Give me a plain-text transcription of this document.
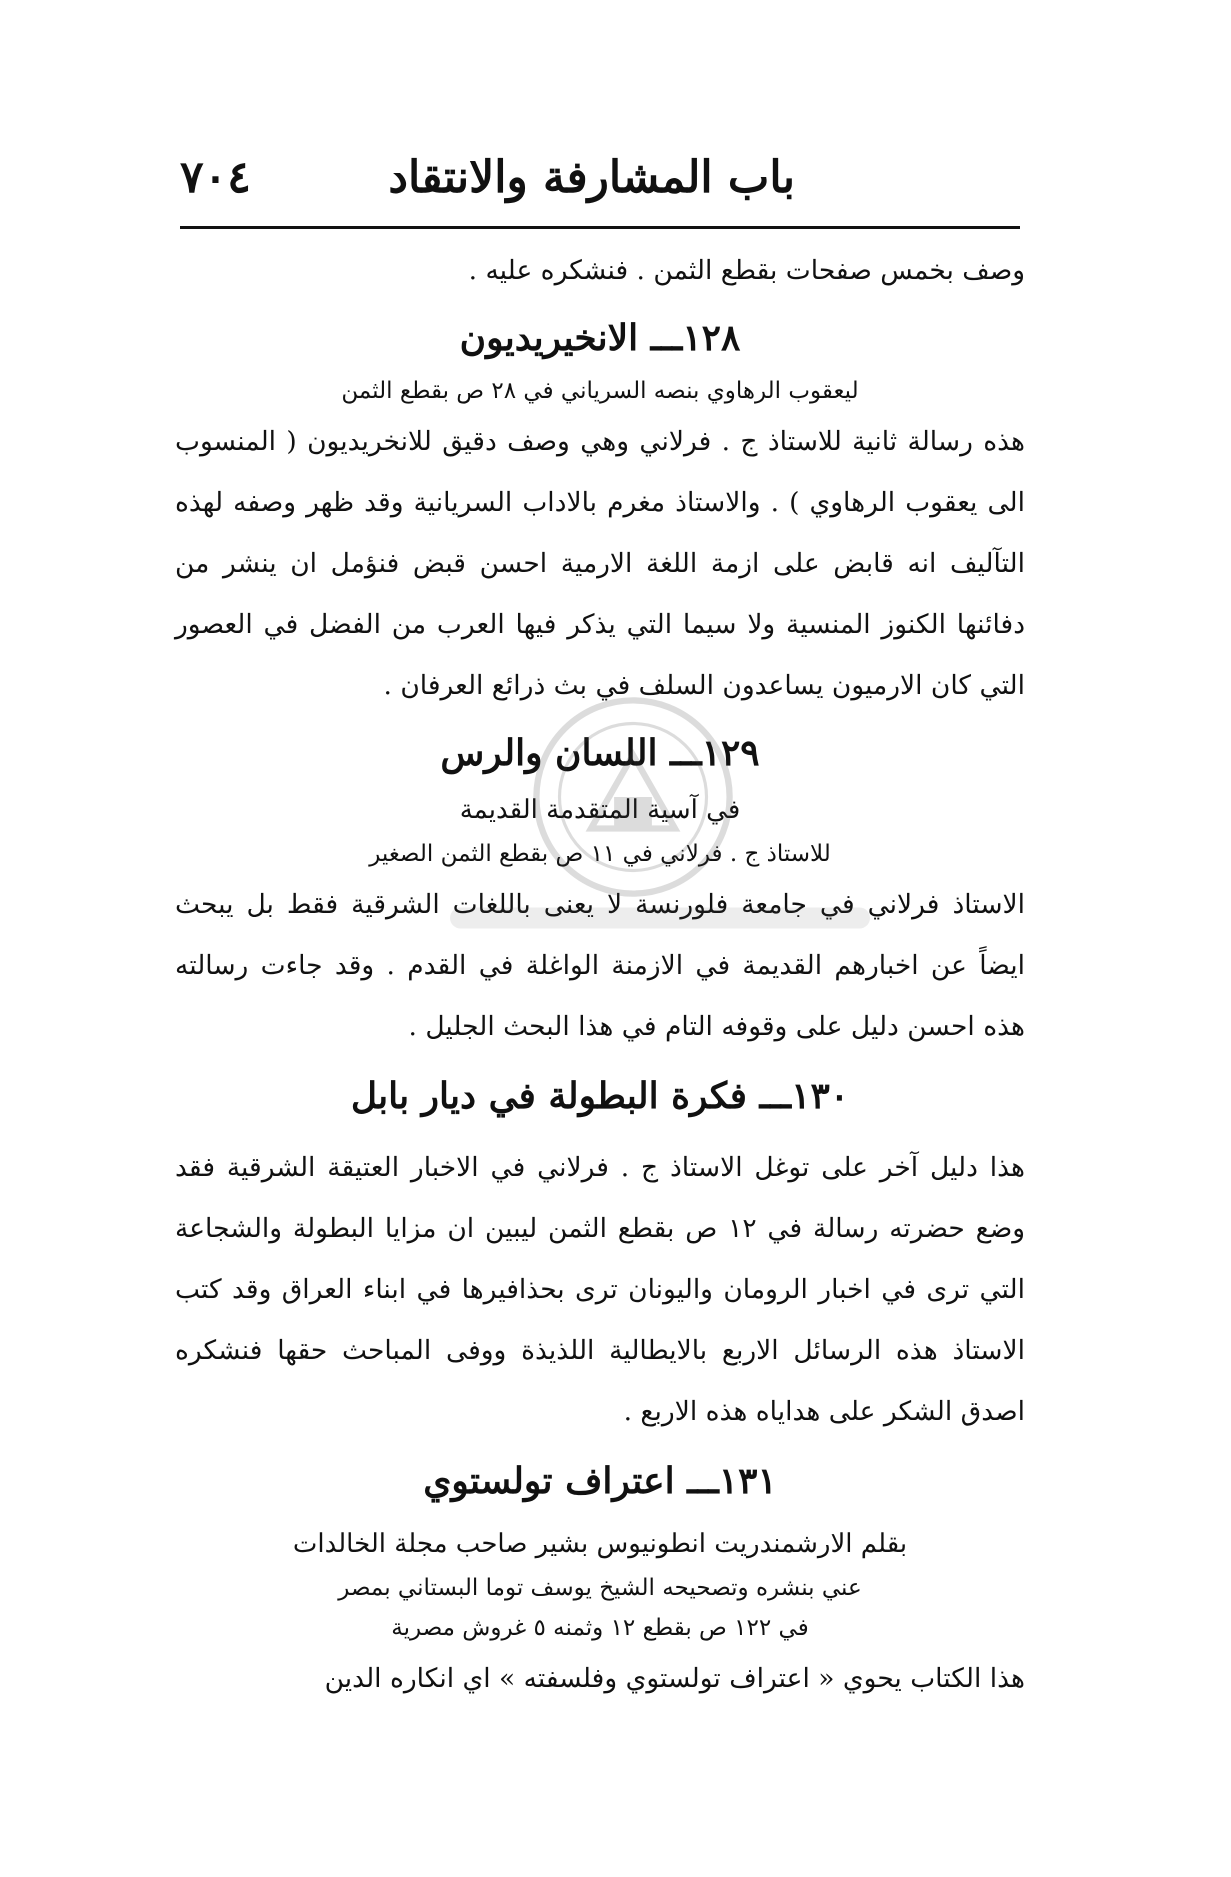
باب المشارفة والانتقاد
٧٠٤

وصف بخمس صفحات بقطع الثمن . فنشكره عليه .

١٢٨ـــ الانخيريديون

ليعقوب الرهاوي بنصه السرياني في ٢٨ ص بقطع الثمن

هذه رسالة ثانية للاستاذ ج . فرلاني وهي وصف دقيق للانخريديون ( المنسوب الى يعقوب الرهاوي ) . والاستاذ مغرم بالاداب السريانية وقد ظهر وصفه لهذه التآليف انه قابض على ازمة اللغة الارمية احسن قبض فنؤمل ان ينشر من دفائنها الكنوز المنسية ولا سيما التي يذكر فيها العرب من الفضل في العصور التي كان الارميون يساعدون السلف في بث ذرائع العرفان .

١٢٩ـــ اللسان والرس

في آسية المتقدمة القديمة

للاستاذ ج . فرلاني في ١١ ص بقطع الثمن الصغير

الاستاذ فرلاني في جامعة فلورنسة لا يعنى باللغات الشرقية فقط بل يبحث ايضاً عن اخبارهم القديمة في الازمنة الواغلة في القدم . وقد جاءت رسالته هذه احسن دليل على وقوفه التام في هذا البحث الجليل .

١٣٠ـــ فكرة البطولة في ديار بابل

هذا دليل آخر على توغل الاستاذ ج . فرلاني في الاخبار العتيقة الشرقية فقد وضع حضرته رسالة في ١٢ ص بقطع الثمن ليبين ان مزايا البطولة والشجاعة التي ترى في اخبار الرومان واليونان ترى بحذافيرها في ابناء العراق وقد كتب الاستاذ هذه الرسائل الاربع بالايطالية اللذيذة ووفى المباحث حقها فنشكره اصدق الشكر على هداياه هذه الاربع .

١٣١ـــ اعتراف تولستوي

بقلم الارشمندريت انطونيوس بشير صاحب مجلة الخالدات

عني بنشره وتصحيحه الشيخ يوسف توما البستاني بمصر

في ١٢٢ ص بقطع ١٢ وثمنه ٥ غروش مصرية

هذا الكتاب يحوي « اعتراف تولستوي وفلسفته » اي انكاره الدين
